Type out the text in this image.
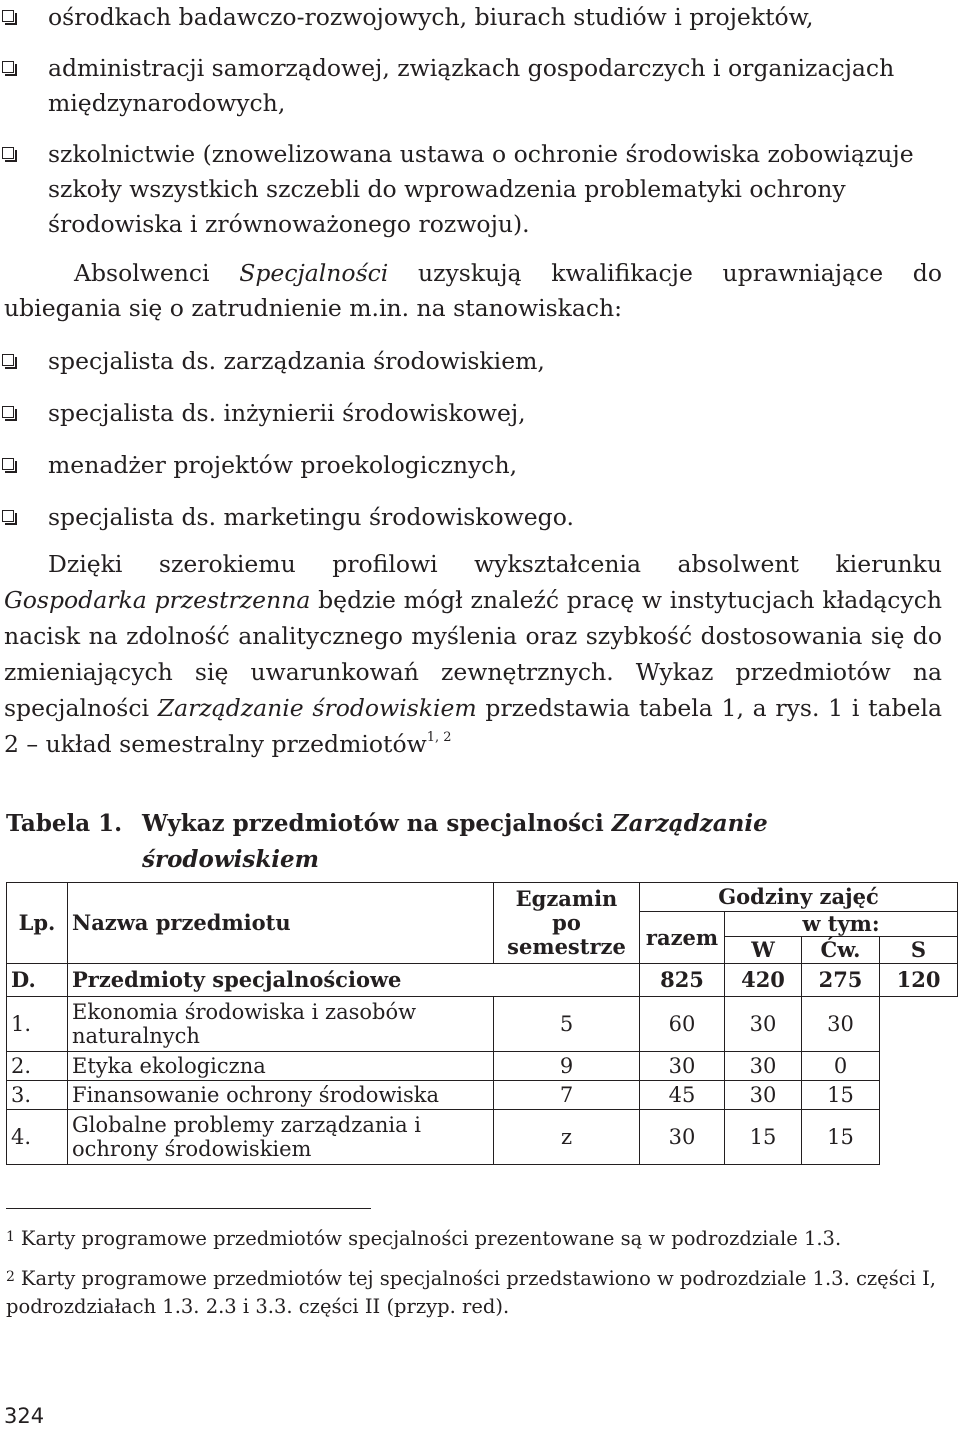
ośrodkach badawczo-rozwojowych, biurach studiów i projektów,
administracji samorządowej, związkach gospodarczych i organizacjach międzynarodowych,
szkolnictwie (znowelizowana ustawa o ochronie środowiska zobowiązuje szkoły wszystkich szczebli do wprowadzenia problematyki ochrony środowiska i zrównoważonego rozwoju).

Absolwenci Specjalności uzyskują kwalifikacje uprawniające do ubiegania się o zatrudnienie m.in. na stanowiskach:

specjalista ds. zarządzania środowiskiem,
specjalista ds. inżynierii środowiskowej,
menadżer projektów proekologicznych,
specjalista ds. marketingu środowiskowego.

Dzięki szerokiemu profilowi wykształcenia absolwent kierunku Gospodarka przestrzenna będzie mógł znaleźć pracę w instytucjach kładących nacisk na zdolność analitycznego myślenia oraz szybkość dostosowania się do zmieniających się uwarunkowań zewnętrznych. Wykaz przedmiotów na specjalności Zarządzanie środowiskiem przedstawia tabela 1, a rys. 1 i tabela 2 – układ semestralny przedmiotów$^{1, 2}$

Tabela 1. Wykaz przedmiotów na specjalności Zarządzanie środowiskiem
Lp.	Nazwa przedmiotu	Egzamin po semestrze	Godziny zajęć			
			razem	w tym:		
				W	Ćw.	S
D.	Przedmioty specjalnościowe		825	420	275	120
1.	Ekonomia środowiska i zasobów naturalnych	5	60	30	30	
2.	Etyka ekologiczna	9	30	30	0	
3.	Finansowanie ochrony środowiska	7	45	30	15	
4.	Globalne problemy zarządzania i ochrony środowiskiem	z	30	15	15	

$^1$ Karty programowe przedmiotów specjalności prezentowane są w podrozdziale 1.3.

$^2$ Karty programowe przedmiotów tej specjalności przedstawiono w podrozdziale 1.3. części I, podrozdziałach 1.3. 2.3 i 3.3. części II (przyp. red).

324
